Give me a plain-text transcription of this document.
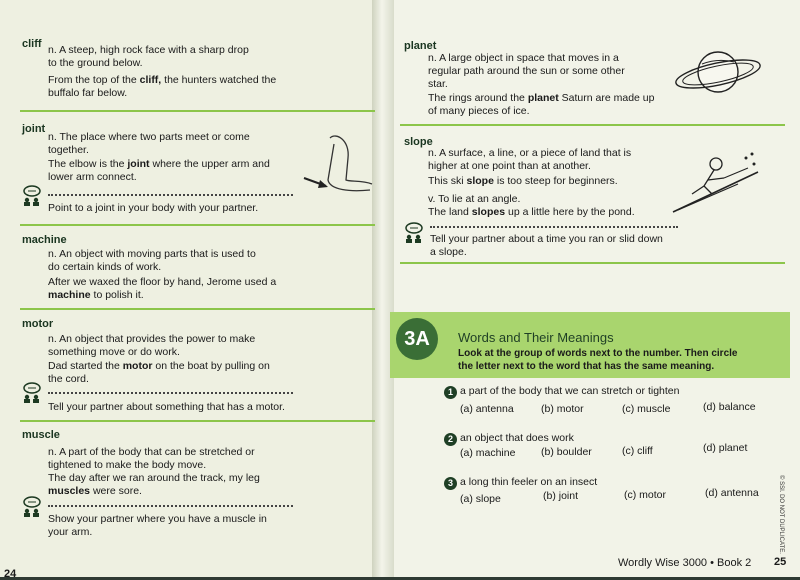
cliff n. A steep, high rock face with a sharp drop
to the ground below.
From the top of the cliff, the hunters watched the
buffalo far below.
joint
n. The place where two parts meet or come
together.
The elbow is the joint where the upper arm and
lower arm connect.
Point to a joint in your body with your partner.
machine
n. An object with moving parts that is used to
do certain kinds of work.
After we waxed the floor by hand, Jerome used a
machine to polish it.
motor
n. An object that provides the power to make
something move or do work.
Dad started the motor on the boat by pulling on
the cord.
Tell your partner about something that has a motor.
muscle
n. A part of the body that can be stretched or
tightened to make the body move.
The day after we ran around the track, my leg
muscles were sore.
Show your partner where you have a muscle in
your arm.
24
planet
n. A large object in space that moves in a
regular path around the sun or some other
star.
The rings around the planet Saturn are made up
of many pieces of ice.
slope
n. A surface, a line, or a piece of land that is
higher at one point than at another.
This ski slope is too steep for beginners.
v. To lie at an angle.
The land slopes up a little here by the pond.
Tell your partner about a time you ran or slid down
a slope.
3A	Words and Their Meanings
Look at the group of words next to the number. Then circle
the letter next to the word that has the same meaning.
1 a part of the body that we can stretch or tighten
(a) antenna	(b) motor	(c) muscle	(d) balance
2 an object that does work
(a) machine (b) boulder	(c) cliff	(d) planet
3 a long thin feeler on an insect
(a) slope	(b) joint	(c) motor	(d) antenna	© SSI. DO NOT DUPLICATE.
Wordly Wise 3000 • Book 2 25
